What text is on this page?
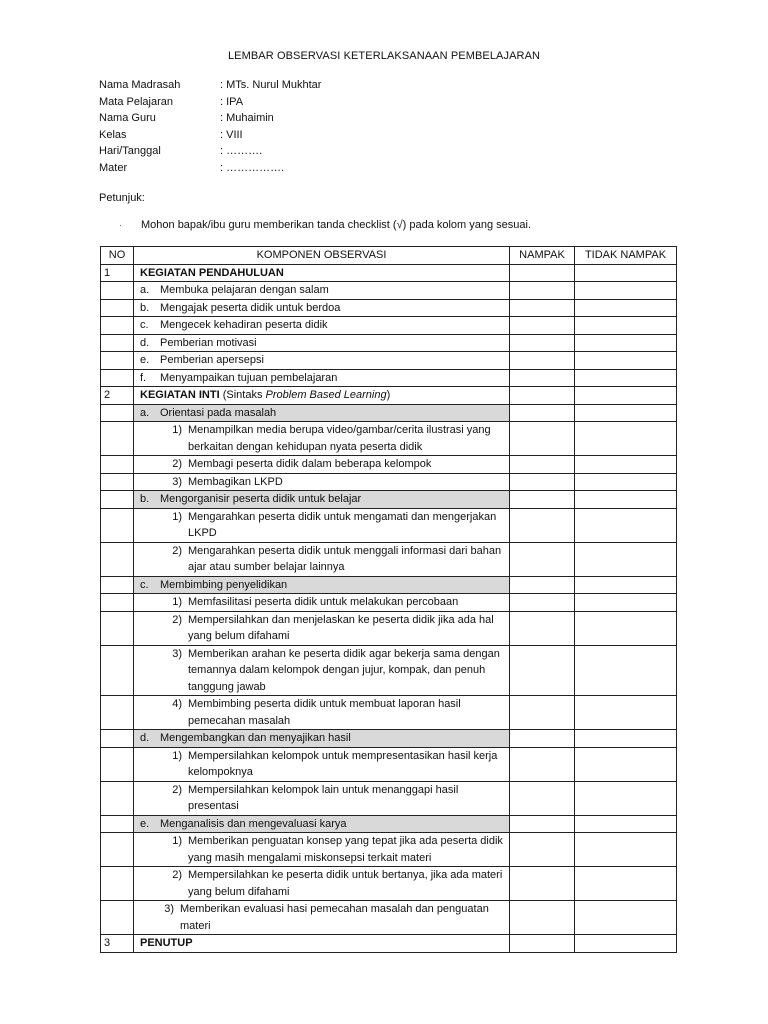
LEMBAR OBSERVASI KETERLAKSANAAN PEMBELAJARAN
Nama Madrasah	: MTs. Nurul Mukhtar
Mata Pelajaran	: IPA
Nama Guru	: Muhaimin
Kelas	: VIII
Hari/Tanggal	: ……….
Mater	: …………….
Petunjuk:
·	Mohon bapak/ibu guru memberikan tanda checklist (√) pada kolom yang sesuai.
NO	KOMPONEN OBSERVASI	NAMPAK	TIDAK NAMPAK
1	KEGIATAN PENDAHULUAN		

	a. Membuka pelajaran dengan salam		

	b. Mengajak peserta didik untuk berdoa		

	c. Mengecek kehadiran peserta didik		

	d. Pemberian motivasi		

	e. Pemberian apersepsi		

	f. Menyampaikan tujuan pembelajaran		

2	KEGIATAN INTI (Sintaks Problem Based Learning)		

	a. Orientasi pada masalah		

	1) Menampilkan media berupa video/gambar/cerita ilustrasi yang berkaitan dengan kehidupan nyata peserta didik		

	2) Membagi peserta didik dalam beberapa kelompok		

	3) Membagikan LKPD		

	b. Mengorganisir peserta didik untuk belajar		

	1) Mengarahkan peserta didik untuk mengamati dan mengerjakan LKPD		

	2) Mengarahkan peserta didik untuk menggali informasi dari bahan ajar atau sumber belajar lainnya		

	c. Membimbing penyelidikan		

	1) Memfasilitasi peserta didik untuk melakukan percobaan		

	2) Mempersilahkan dan menjelaskan ke peserta didik jika ada hal yang belum difahami		

	3) Memberikan arahan ke peserta didik agar bekerja sama dengan temannya dalam kelompok dengan jujur, kompak, dan penuh tanggung jawab		

	4) Membimbing peserta didik untuk membuat laporan hasil pemecahan masalah		

	d. Mengembangkan dan menyajikan hasil		

	1) Mempersilahkan kelompok untuk mempresentasikan hasil kerja kelompoknya		

	2) Mempersilahkan kelompok lain untuk menanggapi hasil presentasi		

	e. Menganalisis dan mengevaluasi karya		

	1) Memberikan penguatan konsep yang tepat jika ada peserta didik yang masih mengalami miskonsepsi terkait materi		

	2) Mempersilahkan ke peserta didik untuk bertanya, jika ada materi yang belum difahami		

	3) Memberikan evaluasi hasi pemecahan masalah dan penguatan materi		

3	PENUTUP		
